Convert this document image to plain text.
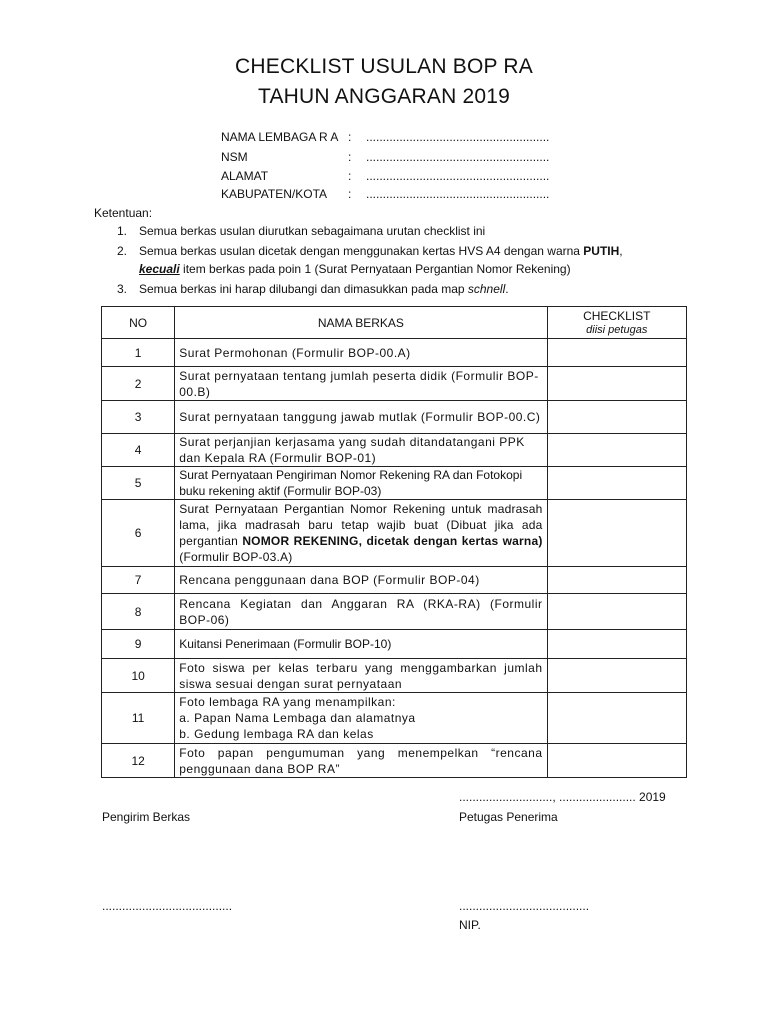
CHECKLIST USULAN BOP RA
TAHUN ANGGARAN 2019
NAMA LEMBAGA R A :	.......................................................
NSM	:	.......................................................
ALAMAT	:	.......................................................
KABUPATEN/KOTA	:	.......................................................
Ketentuan:
1. Semua berkas usulan diurutkan sebagaimana urutan checklist ini
2. Semua berkas usulan dicetak dengan menggunakan kertas HVS A4 dengan warna PUTIH,
kecuali item berkas pada poin 1 (Surat Pernyataan Pergantian Nomor Rekening)
3. Semua berkas ini harap dilubangi dan dimasukkan pada map schnell.
NO	NAMA BERKAS	CHECKLIST
diisi petugas

1	Surat Permohonan (Formulir BOP-00.A)	
2	Surat pernyataan tentang jumlah peserta didik (Formulir BOP-00.B)	
3	Surat pernyataan tanggung jawab mutlak (Formulir BOP-00.C)	
4	Surat perjanjian kerjasama yang sudah ditandatangani PPK dan Kepala RA (Formulir BOP-01)	
5	Surat Pernyataan Pengiriman Nomor Rekening RA dan Fotokopi buku rekening aktif (Formulir BOP-03)	
6	Surat Pernyataan Pergantian Nomor Rekening untuk madrasah lama, jika madrasah baru tetap wajib buat (Dibuat jika ada pergantian NOMOR REKENING, dicetak dengan kertas warna) (Formulir BOP-03.A)	
7	Rencana penggunaan dana BOP (Formulir BOP-04)	
8	Rencana Kegiatan dan Anggaran RA (RKA-RA) (Formulir BOP-06)	
9	Kuitansi Penerimaan (Formulir BOP-10)	
10	Foto siswa per kelas terbaru yang menggambarkan jumlah siswa sesuai dengan surat pernyataan	
11	Foto lembaga RA yang menampilkan:
a. Papan Nama Lembaga dan alamatnya
b. Gedung lembaga RA dan kelas	

12	Foto papan pengumuman yang menempelkan “rencana penggunaan dana BOP RA”	
............................, ....................... 2019
Pengirim Berkas	Petugas Penerima
.......................................	.......................................
NIP.
